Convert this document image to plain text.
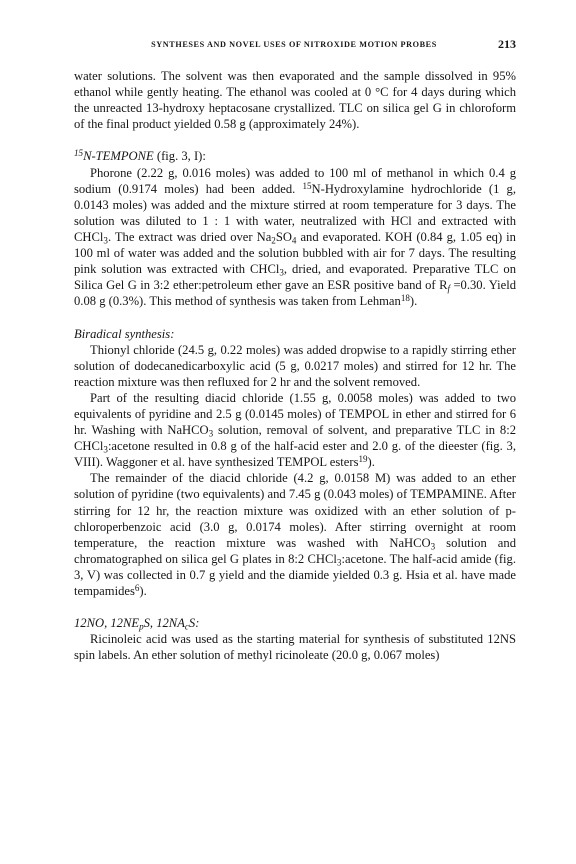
SYNTHESES AND NOVEL USES OF NITROXIDE MOTION PROBES	213

water solutions. The solvent was then evaporated and the sample dissolved in 95% ethanol while gently heating. The ethanol was cooled at 0 °C for 4 days during which the unreacted 13-hydroxy heptacosane crystallized. TLC on silica gel G in chloroform of the final product yielded 0.58 g (approximately 24%).

$^{15}$N-TEMPONE (fig. 3, I):

Phorone (2.22 g, 0.016 moles) was added to 100 ml of methanol in which 0.4 g sodium (0.9174 moles) had been added. $^{15}$N-Hydroxylamine hydrochloride (1 g, 0.0143 moles) was added and the mixture stirred at room temperature for 3 days. The solution was diluted to 1 : 1 with water, neutralized with HCl and extracted with CHCl$_3$. The extract was dried over $Na_2SO_4$ and evaporated. KOH (0.84 g, 1.05 eq) in 100 ml of water was added and the solution bubbled with air for 7 days. The resulting pink solution was extracted with CHCl$_3$, dried, and evaporated. Preparative TLC on Silica Gel G in 3:2 ether:petroleum ether gave an ESR positive band of $R_f =0.30$. Yield 0.08 g (0.3%). This method of synthesis was taken from Lehman$^{18}$).

Biradical synthesis:

Thionyl chloride (24.5 g, 0.22 moles) was added dropwise to a rapidly stirring ether solution of dodecanedicarboxylic acid (5 g, 0.0217 moles) and stirred for 12 hr. The reaction mixture was then refluxed for 2 hr and the solvent removed.

Part of the resulting diacid chloride (1.55 g, 0.0058 moles) was added to two equivalents of pyridine and 2.5 g (0.0145 moles) of TEMPOL in ether and stirred for 6 hr. Washing with NaHCO$_3$ solution, removal of solvent, and preparative TLC in 8:2 CHCl$_3$:acetone resulted in 0.8 g of the half-acid ester and 2.0 g. of the dieester (fig. 3, VIII). Waggoner et al. have synthesized TEMPOL esters$^{19}$).

The remainder of the diacid chloride (4.2 g, 0.0158 M) was added to an ether solution of pyridine (two equivalents) and 7.45 g (0.043 moles) of TEMPAMINE. After stirring for 12 hr, the reaction mixture was oxidized with an ether solution of p-chloroperbenzoic acid (3.0 g, 0.0174 moles). After stirring overnight at room temperature, the reaction mixture was washed with NaHCO$_3$ solution and chromatographed on silica gel G plates in 8:2 CHCl$_3$:acetone. The half-acid amide (fig. 3, V) was collected in 0.7 g yield and the diamide yielded 0.3 g. Hsia et al. have made tempamides$^6$).

12NO, $12NE_pS$, $12NA_cS$:

Ricinoleic acid was used as the starting material for synthesis of substituted 12NS spin labels. An ether solution of methyl ricinoleate (20.0 g, 0.067 moles)
